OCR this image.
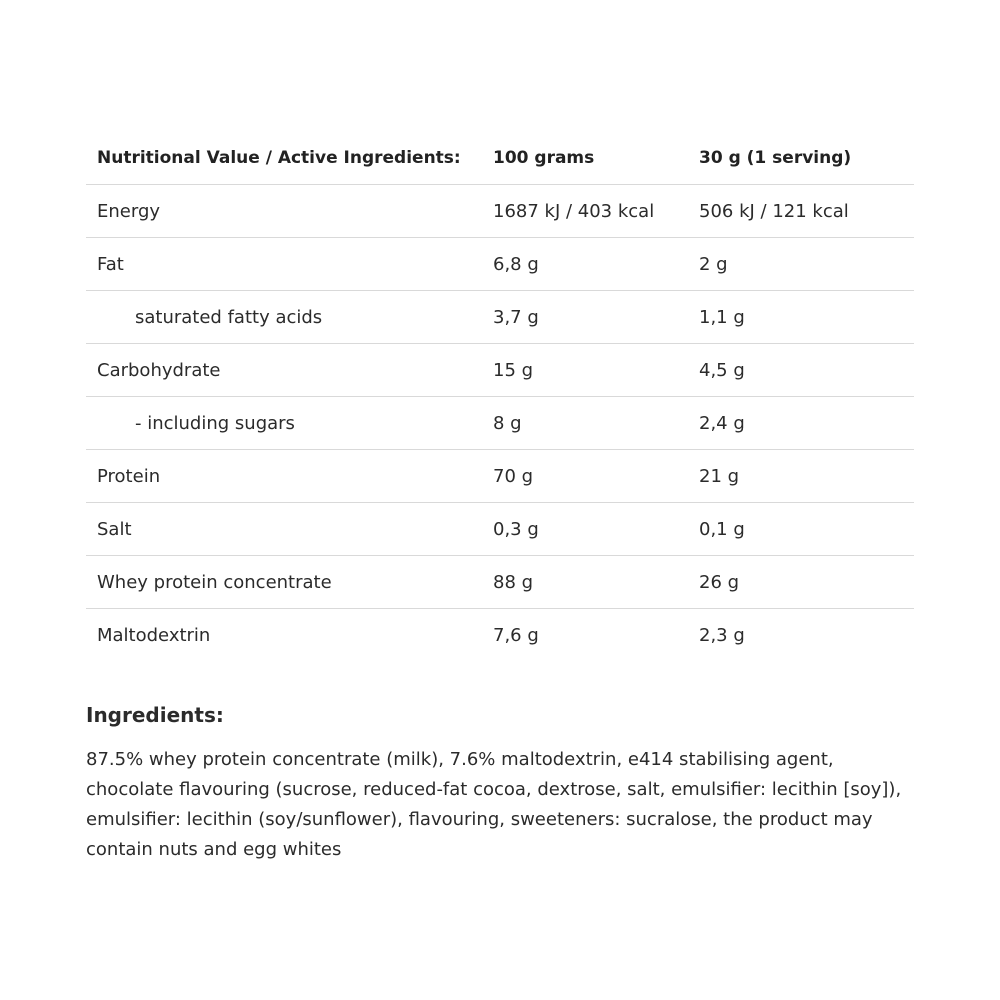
Nutritional Value / Active Ingredients:	100 grams	30 g (1 serving)
Energy	1687 kJ / 403 kcal	506 kJ / 121 kcal
Fat	6,8 g	2 g
saturated fatty acids	3,7 g	1,1 g
Carbohydrate	15 g	4,5 g
- including sugars	8 g	2,4 g
Protein	70 g	21 g
Salt	0,3 g	0,1 g
Whey protein concentrate	88 g	26 g
Maltodextrin	7,6 g	2,3 g
Ingredients:

87.5% whey protein concentrate (milk), 7.6% maltodextrin, e414 stabilising agent, chocolate flavouring (sucrose, reduced-fat cocoa, dextrose, salt, emulsifier: lecithin [soy]), emulsifier: lecithin (soy/sunflower), flavouring, sweeteners: sucralose, the product may contain nuts and egg whites
